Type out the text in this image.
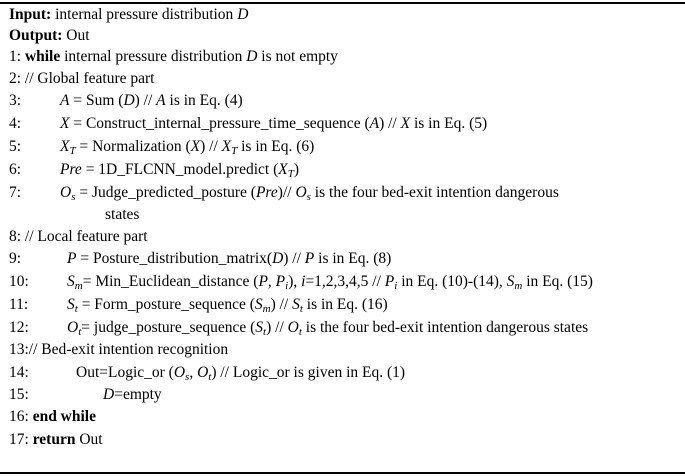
Input: internal pressure distribution D
Output: Out
1: while internal pressure distribution D is not empty
2: // Global feature part
3:	A = Sum (D) // A is in Eq. (4)
4:	X = Construct_internal_pressure_time_sequence (A) // X is in Eq. (5)
5:	$X_T$ = Normalization $(X) // X_T$ is in Eq. (6)
6:	Pre = 1D_FLCNN_model.predict $(X_T)$
7:	$O_s$ = Judge_predicted_posture (Pre)// $O_s$ is the four bed-exit intention dangerous
states
8: // Local feature part
9:	P = Posture_distribution_matrix(D) // P is in Eq. (8)
10: $S_m=$ Min_Euclidean_distance (P, $P_i$), $i=1,2,3,4,5 // P_i$ in Eq. (10)-(14), $S_m$ in Eq. (15)
11:	$S_t$ = Form_posture_sequence $(S_m) // S_t$ is in Eq. (16)
12: $O_t=$ judge_posture_sequence $(S_t) // O_t$ is the four bed-exit intention dangerous states
13:// Bed-exit intention recognition
14:	Out=Logic_or ($O_s$, $O_t$) // Logic_or is given in Eq. (1)
15:	D=empty
16: end while
17: return Out
